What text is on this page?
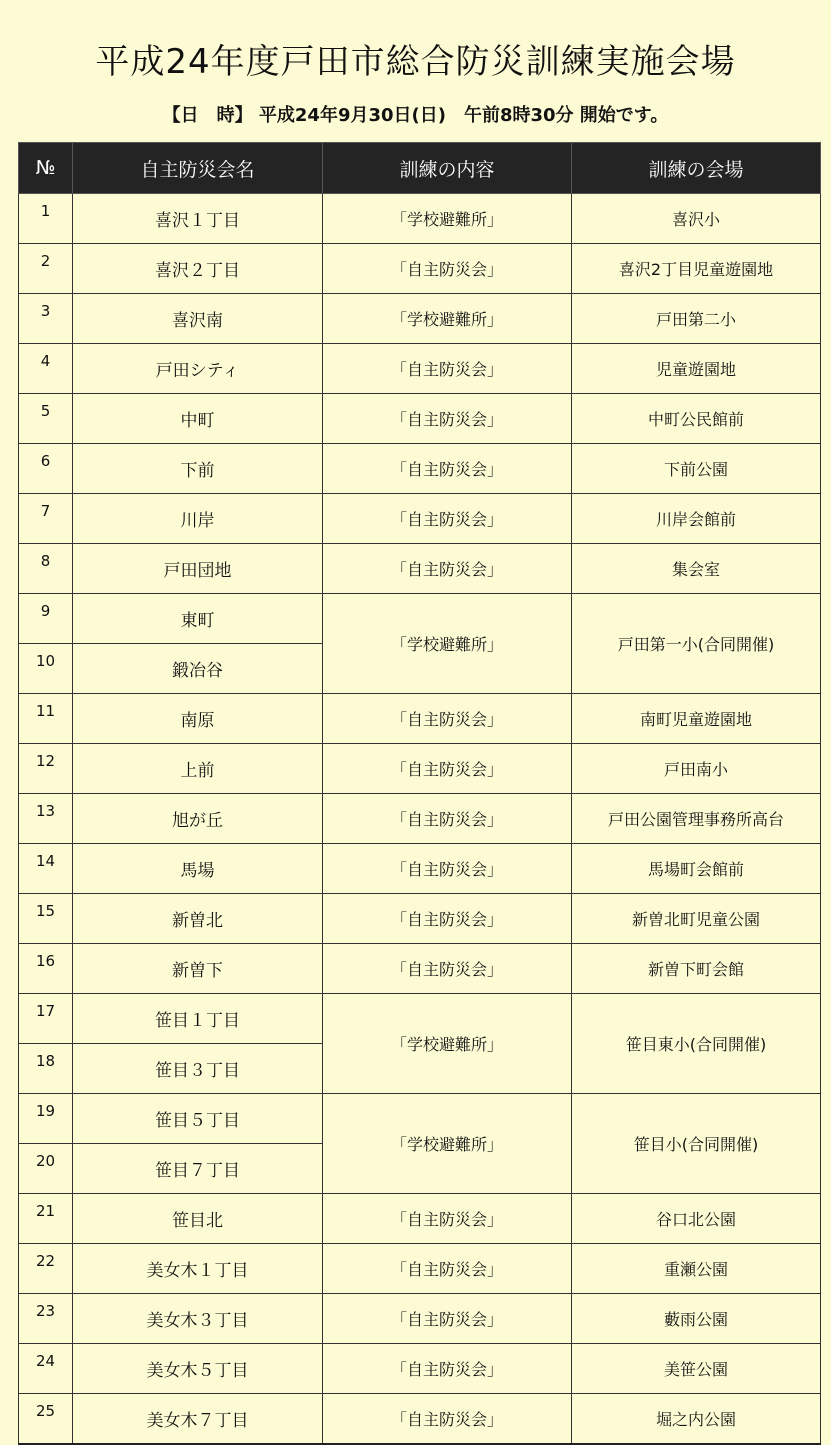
平成24年度戸田市総合防災訓練実施会場
【日　時】 平成24年9月30日(日)　午前8時30分 開始です。
№	自主防災会名	訓練の内容	訓練の会場
1	喜沢１丁目	「学校避難所」	喜沢小
2	喜沢２丁目	「自主防災会」	喜沢2丁目児童遊園地
3	喜沢南	「学校避難所」	戸田第二小
4	戸田シティ	「自主防災会」	児童遊園地
5	中町	「自主防災会」	中町公民館前
6	下前	「自主防災会」	下前公園
7	川岸	「自主防災会」	川岸会館前
8	戸田団地	「自主防災会」	集会室
9	東町	「学校避難所」	戸田第一小(合同開催)
10	鍛冶谷		
11	南原	「自主防災会」	南町児童遊園地
12	上前	「自主防災会」	戸田南小
13	旭が丘	「自主防災会」	戸田公園管理事務所高台
14	馬場	「自主防災会」	馬場町会館前
15	新曽北	「自主防災会」	新曽北町児童公園
16	新曽下	「自主防災会」	新曽下町会館
17	笹目１丁目	「学校避難所」	笹目東小(合同開催)
18	笹目３丁目		
19	笹目５丁目	「学校避難所」	笹目小(合同開催)
20	笹目７丁目		
21	笹目北	「自主防災会」	谷口北公園
22	美女木１丁目	「自主防災会」	重瀬公園
23	美女木３丁目	「自主防災会」	藪雨公園
24	美女木５丁目	「自主防災会」	美笹公園
25	美女木７丁目	「自主防災会」	堀之内公園
